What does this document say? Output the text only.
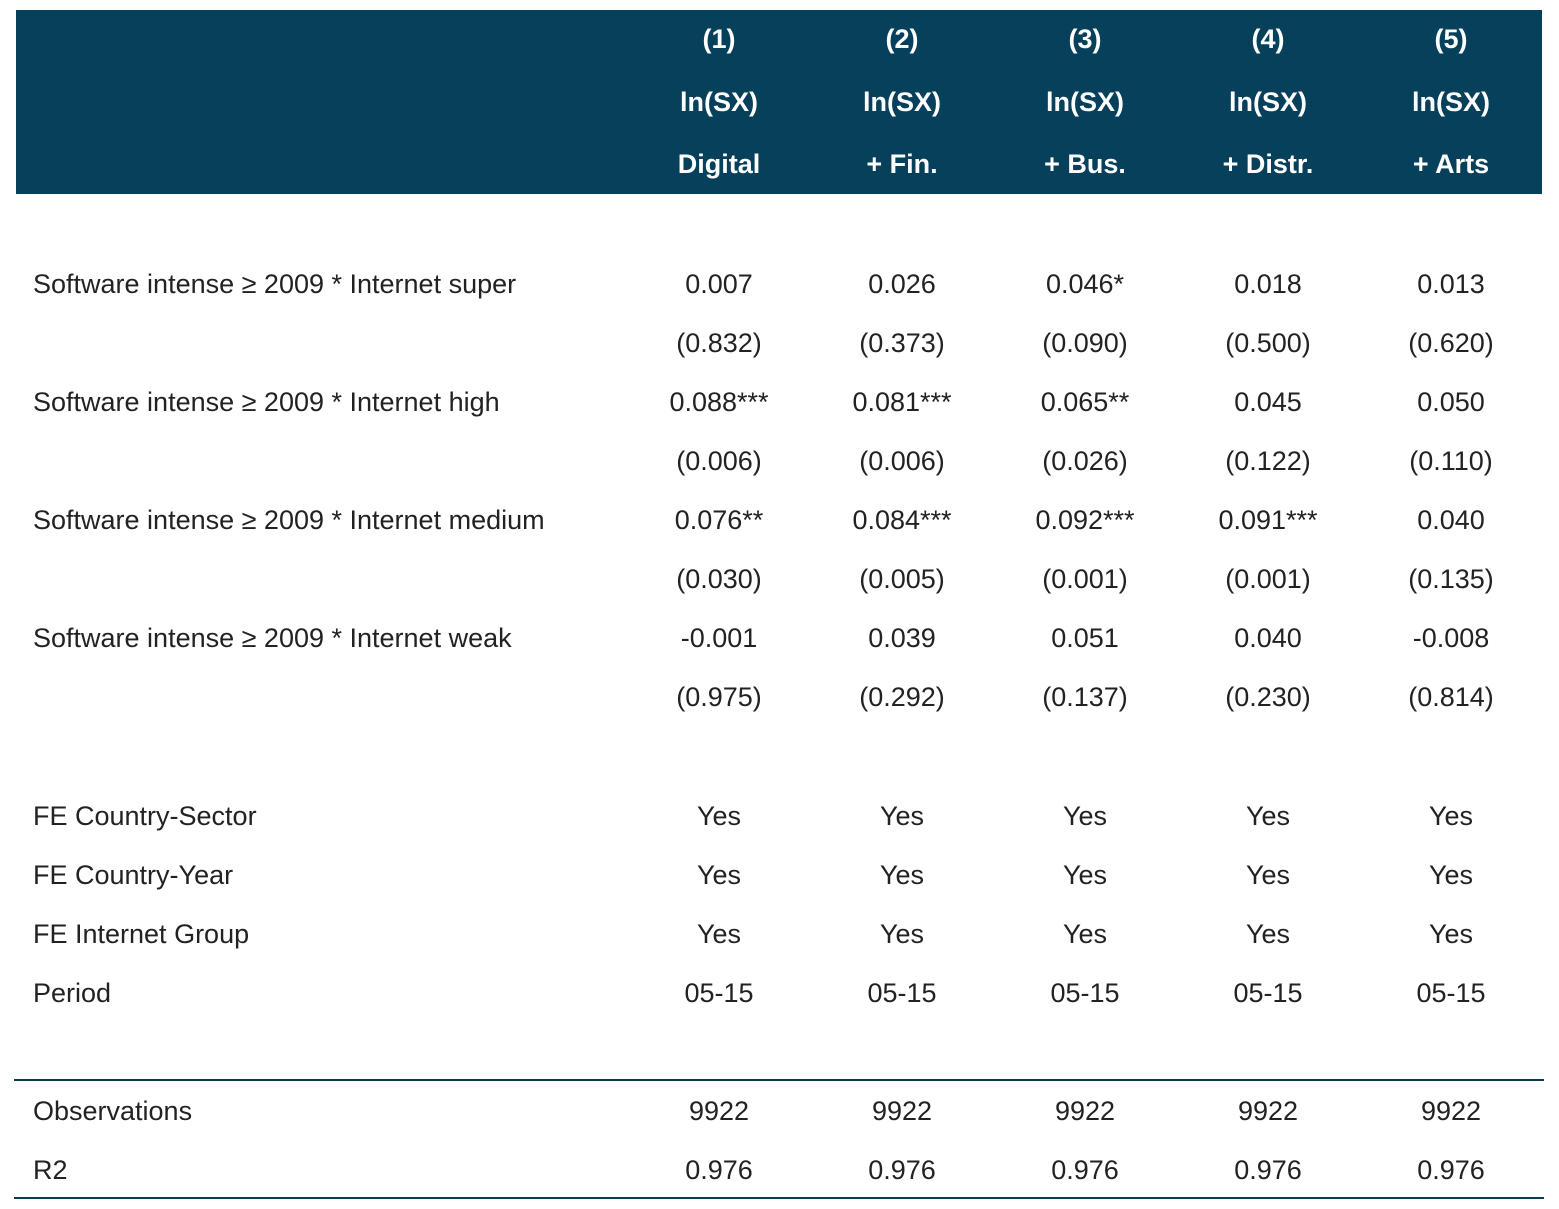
(1)	(2)	(3)	(4)	(5)
ln(SX)	ln(SX)	ln(SX)	ln(SX)	ln(SX)
Digital	+ Fin.	+ Bus.	+ Distr.	+ Arts
Software intense ≥ 2009 * Internet super	0.007	0.026	0.046*	0.018	0.013
(0.832)	(0.373)	(0.090)	(0.500)	(0.620)
Software intense ≥ 2009 * Internet high	0.088***	0.081***	0.065**	0.045	0.050
(0.006)	(0.006)	(0.026)	(0.122)	(0.110)
Software intense ≥ 2009 * Internet medium	0.076**	0.084***	0.092***	0.091***	0.040
(0.030)	(0.005)	(0.001)	(0.001)	(0.135)
Software intense ≥ 2009 * Internet weak	-0.001	0.039	0.051	0.040	-0.008
(0.975)	(0.292)	(0.137)	(0.230)	(0.814)
FE Country-Sector	Yes	Yes	Yes	Yes	Yes
FE Country-Year	Yes	Yes	Yes	Yes	Yes
FE Internet Group	Yes	Yes	Yes	Yes	Yes
Period	05-15	05-15	05-15	05-15	05-15
Observations	9922	9922	9922	9922	9922
R2	0.976	0.976	0.976	0.976	0.976
